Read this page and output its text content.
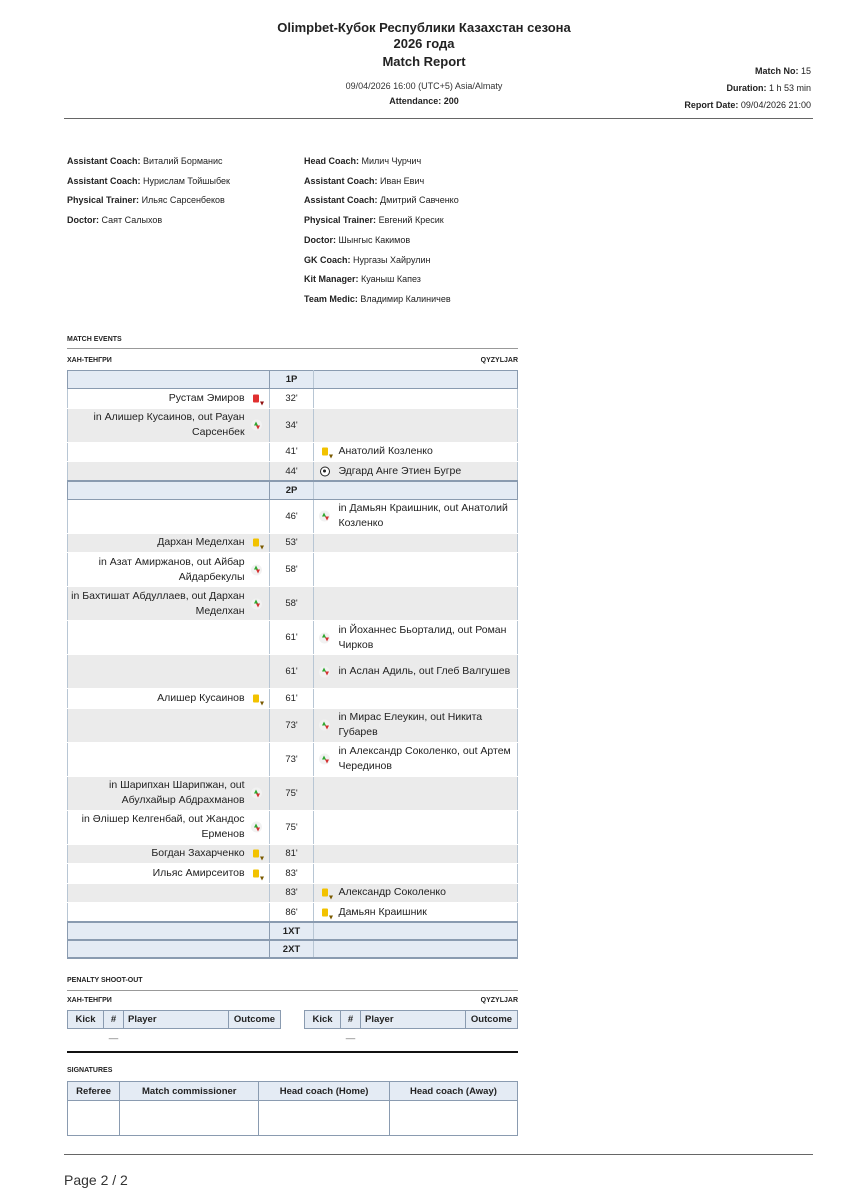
Olimpbet-Кубок Республики Казахстан сезона
2026 года
Match Report
09/04/2026 16:00 (UTC+5) Asia/Almaty
Attendance: 200
Match No: 15
Duration: 1 h 53 min
Report Date: 09/04/2026 21:00
Assistant Coach: Виталий Борманис
Assistant Coach: Нурислам Тойшыбек
Physical Trainer: Ильяс Сарсенбеков
Doctor: Саят Салыхов
Head Coach: Милич Чурчич
Assistant Coach: Иван Евич
Assistant Coach: Дмитрий Савченко
Physical Trainer: Евгений Кресик
Doctor: Шынгыс Какимов
GK Coach: Нургазы Хайрулин
Kit Manager: Куаныш Капез
Team Medic: Владимир Калиничев
MATCH EVENTS
ХАН-ТЕНГРИ	QYZYLJAR
	1P	
Рустам Эмиров	32'	
in Алишер Кусаинов, out Рауан Сарсенбек	34'	
	41'	Анатолий Козленко
	44'	Эдгард Анге Этиен Бугре
	2P	
	46'	in Дамьян Краишник, out Анатолий Козленко
Дархан Меделхан	53'	
in Азат Амиржанов, out Айбар Айдарбекулы	58'	
in Бахтишат Абдуллаев, out Дархан Меделхан	58'	
	61'	in Йоханнес Бьорталид, out Роман Чирков
	61'	in Аслан Адиль, out Глеб Валгушев
Алишер Кусаинов	61'	
	73'	in Мирас Елеукин, out Никита Губарев
	73'	in Александр Соколенко, out Артем Черединов
in Шарипхан Шарипжан, out Абулхайыр Абдрахманов	75'	
in Әлішер Келгенбай, out Жандос Ерменов	75'	
Богдан Захарченко	81'	
Ильяс Амирсеитов	83'	
	83'	Александр Соколенко
	86'	Дамьян Краишник
	1XT	
	2XT	
PENALTY SHOOT-OUT
ХАН-ТЕНГРИ	QYZYLJAR
Kick	#	Player	Outcome
	—		
Kick	#	Player	Outcome
	—		
SIGNATURES
Referee	Match commissioner	Head coach (Home)	Head coach (Away)

Page 2 / 2
